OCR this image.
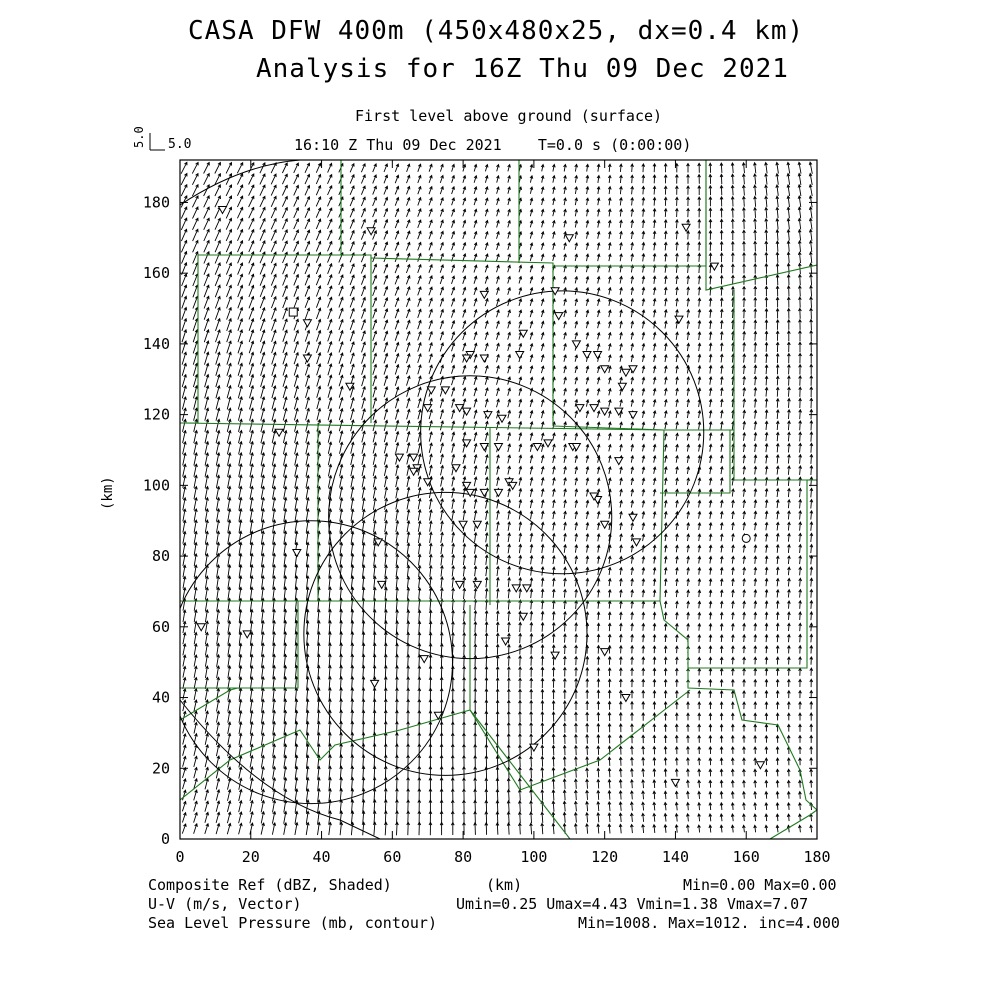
CASA DFW 400m (450x480x25, dx=0.4 km)
Analysis for 16Z Thu 09 Dec 2021
First level above ground (surface)
16:10 Z Thu 09 Dec 2021    T=0.0 s (0:00:00)
5.0
5.0
0	20	40	60	80	100	120	140	160	180
0
20
40
60
80
100
120
140
160
180
(km)
Composite Ref (dBZ, Shaded)	(km)	Min=0.00 Max=0.00
U-V (m/s, Vector)	Umin=0.25 Umax=4.43 Vmin=1.38 Vmax=7.07
Sea Level Pressure (mb, contour)	Min=1008. Max=1012. inc=4.000
